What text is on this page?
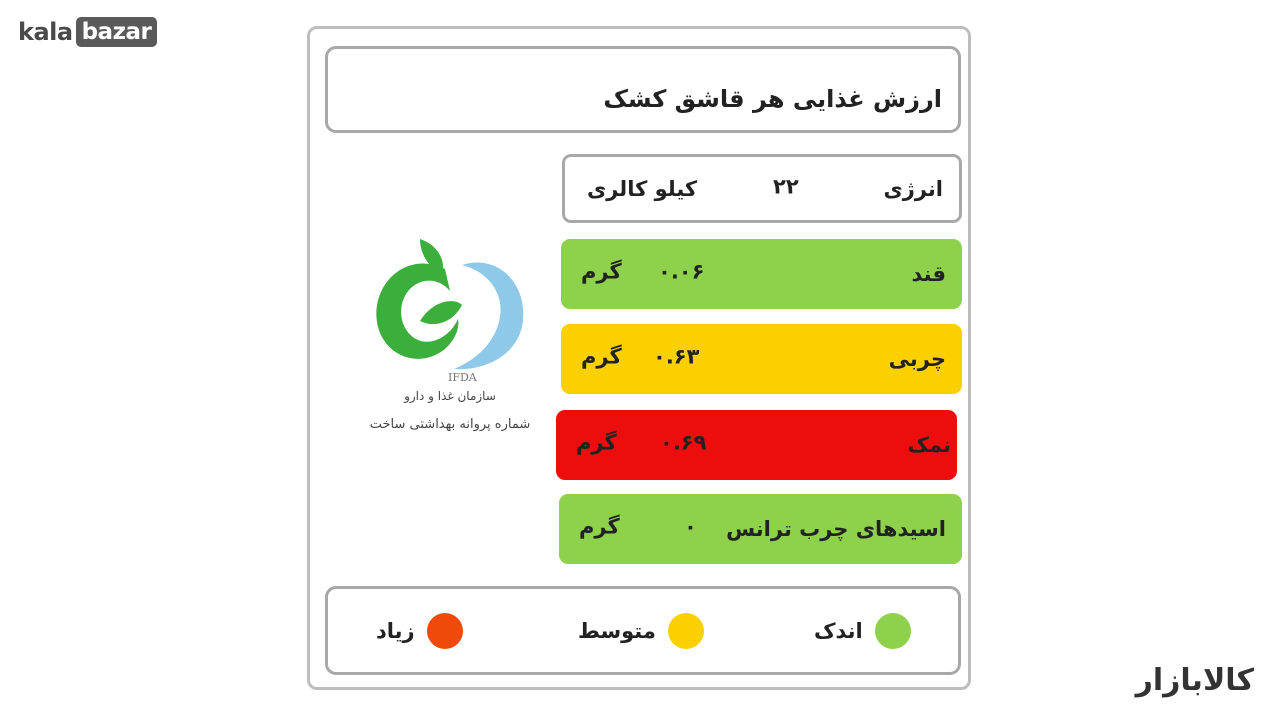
kala bazar
ارزش غذایی هر قاشق کشک
IFDA
سازمان غذا و دارو
شماره پروانه بهداشتی ساخت
انرژی
۲۲
کیلو کالری
قند
۰.۰۶
گرم
چربی
۰.۶۳
گرم
نمک
۰.۶۹
گرم
اسیدهای چرب ترانس
۰
گرم
اندک
متوسط
زیاد
کالابازار
